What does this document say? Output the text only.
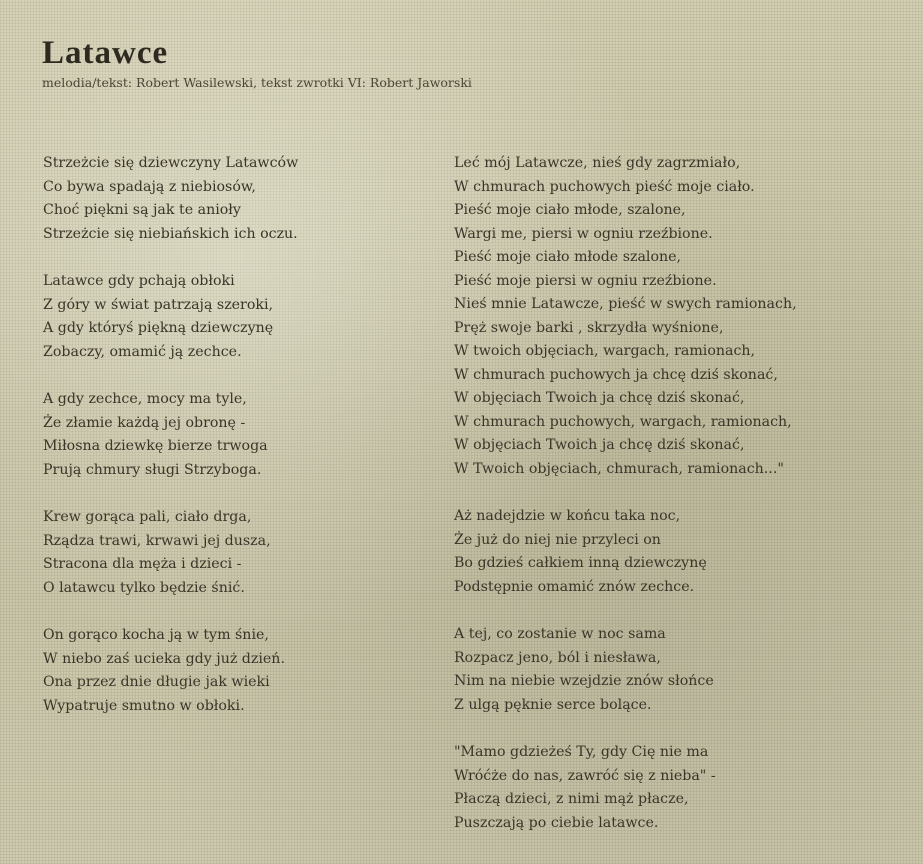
Latawce
melodia/tekst: Robert Wasilewski, tekst zwrotki VI: Robert Jaworski
Strzeżcie się dziewczyny Latawców
Co bywa spadają z niebiosów,
Choć piękni są jak te anioły
Strzeżcie się niebiańskich ich oczu.
Latawce gdy pchają obłoki
Z góry w świat patrzają szeroki,
A gdy któryś piękną dziewczynę
Zobaczy, omamić ją zechce.
A gdy zechce, mocy ma tyle,
Że złamie każdą jej obronę -
Miłosna dziewkę bierze trwoga
Prują chmury sługi Strzyboga.
Krew gorąca pali, ciało drga,
Rządza trawi, krwawi jej dusza,
Stracona dla męża i dzieci -
O latawcu tylko będzie śnić.
On gorąco kocha ją w tym śnie,
W niebo zaś ucieka gdy już dzień.
Ona przez dnie długie jak wieki
Wypatruje smutno w obłoki.
Leć mój Latawcze, nieś gdy zagrzmiało,
W chmurach puchowych pieść moje ciało.
Pieść moje ciało młode, szalone,
Wargi me, piersi w ogniu rzeźbione.
Pieść moje ciało młode szalone,
Pieść moje piersi w ogniu rzeźbione.
Nieś mnie Latawcze, pieść w swych ramionach,
Pręż swoje barki , skrzydła wyśnione,
W twoich objęciach, wargach, ramionach,
W chmurach puchowych ja chcę dziś skonać,
W objęciach Twoich ja chcę dziś skonać,
W chmurach puchowych, wargach, ramionach,
W objęciach Twoich ja chcę dziś skonać,
W Twoich objęciach, chmurach, ramionach..."
Aż nadejdzie w końcu taka noc,
Że już do niej nie przyleci on
Bo gdzieś całkiem inną dziewczynę
Podstępnie omamić znów zechce.
A tej, co zostanie w noc sama
Rozpacz jeno, ból i niesława,
Nim na niebie wzejdzie znów słońce
Z ulgą pęknie serce bolące.
"Mamo gdzieżeś Ty, gdy Cię nie ma
Wróćże do nas, zawróć się z nieba" -
Płaczą dzieci, z nimi mąż płacze,
Puszczają po ciebie latawce.
